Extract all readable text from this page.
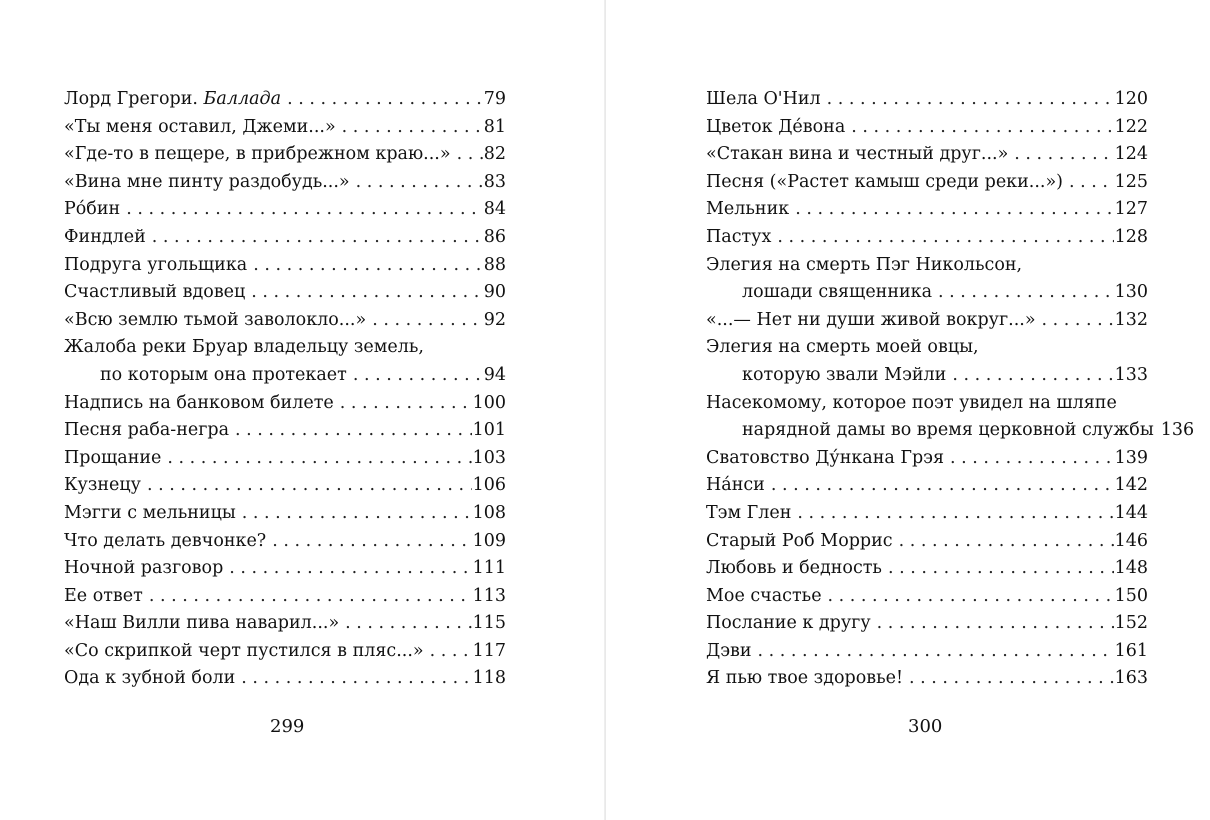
Лорд Грегори. Баллада . . .	79
«Ты меня оставил, Джеми...» . . .	81
«Где-то в пещере, в прибрежном краю...» . . . 82
«Вина мне пинту раздобудь...» . . .	83
Ро́бин . . .	84
Финдлей . . .	86
Подруга угольщика . . .	88
Счастливый вдовец . . .	90
«Всю землю тьмой заволокло...» . . .	92
Жалоба реки Бруар владельцу земель,
по которым она протекает . . .	94
Надпись на банковом билете . . .	100
Песня раба-негра . . .	101
Прощание . . .	103
Кузнецу . . .	106
Мэгги с мельницы . . .	108
Что делать девчонке? . . .	109
Ночной разговор . . .	111
Ее ответ . . .	113
«Наш Вилли пива наварил...» . . .	115
«Со скрипкой черт пустился в пляс...» . . .	117
Ода к зубной боли . . .	118
299
Шела О'Нил . . .	120
Цветок Де́вона . . .	122
«Стакан вина и честный друг...» . . .	124
Песня («Растет камыш среди реки...») . . .	125
Мельник . . .	127
Пастух . . .	128
Элегия на смерть Пэг Никольсон,
лошади священника . . .	130
«...— Нет ни души живой вокруг...» . . .	132
Элегия на смерть моей овцы,
которую звали Мэйли . . .	133
Насекомому, которое поэт увидел на шляпе
нарядной дамы во время церковной службы 136
Сватовство Ду́нкана Грэя . . .	139
На́нси . . .	142
Тэм Глен . . .	144
Старый Роб Моррис . . .	146
Любовь и бедность . . .	148
Мое счастье . . .	150
Послание к другу . . .	152
Дэви . . .	161
Я пью твое здоровье! . . .	163
300
